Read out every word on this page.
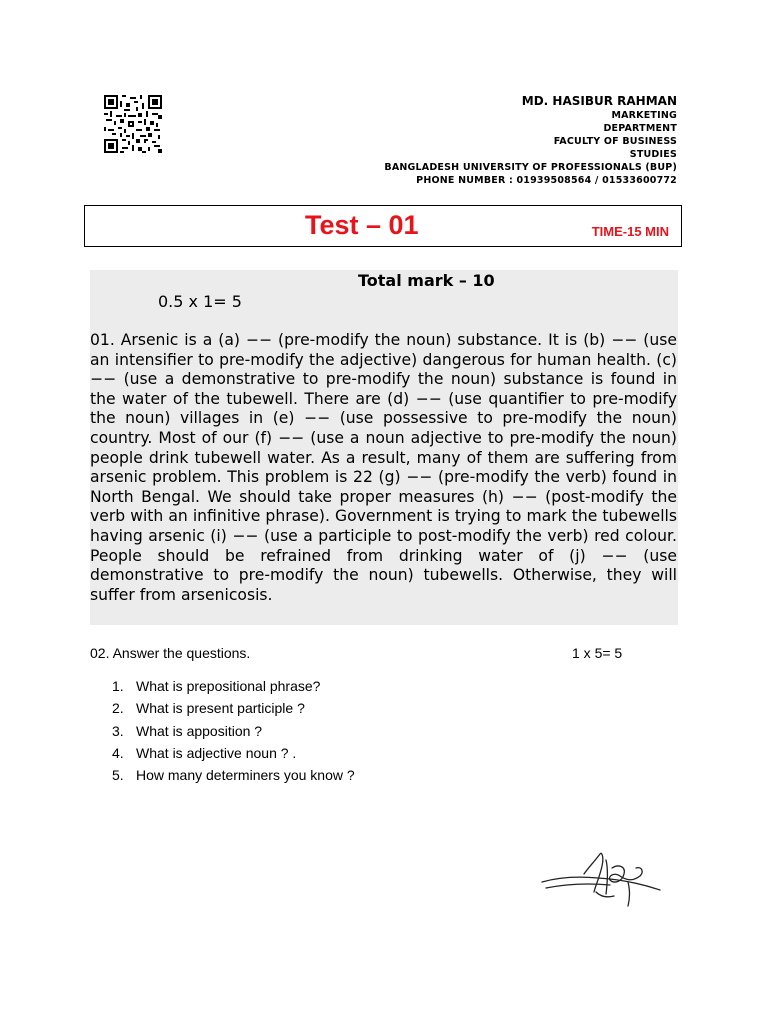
MD. HASIBUR RAHMAN
MARKETING
DEPARTMENT
FACULTY OF BUSINESS
STUDIES
BANGLADESH UNIVERSITY OF PROFESSIONALS (BUP)
PHONE NUMBER : 01939508564 / 01533600772
Test – 01	TIME-15 MIN
Total mark – 10
0.5 x 1= 5

01. Arsenic is a (a) −− (pre-modify the noun) substance. It is (b) −− (use an intensifier to pre-modify the adjective) dangerous for human health. (c) −− (use a demonstrative to pre-modify the noun) substance is found in the water of the tubewell. There are (d) −− (use quantifier to pre-modify the noun) villages in (e) −− (use possessive to pre-modify the noun) country. Most of our (f) −− (use a noun adjective to pre-modify the noun) people drink tubewell water. As a result, many of them are suffering from arsenic problem. This problem is 22 (g) −− (pre-modify the verb) found in North Bengal. We should take proper measures (h) −− (post-modify the verb with an infinitive phrase). Government is trying to mark the tubewells having arsenic (i) −− (use a participle to post-modify the verb) red colour. People should be refrained from drinking water of (j) −− (use demonstrative to pre-modify the noun) tubewells. Otherwise, they will suffer from arsenicosis.

02. Answer the questions.	1 x 5= 5
1. What is prepositional phrase?
2. What is present participle ?
3. What is apposition ?
4. What is adjective noun ? .
5. How many determiners you know ?
